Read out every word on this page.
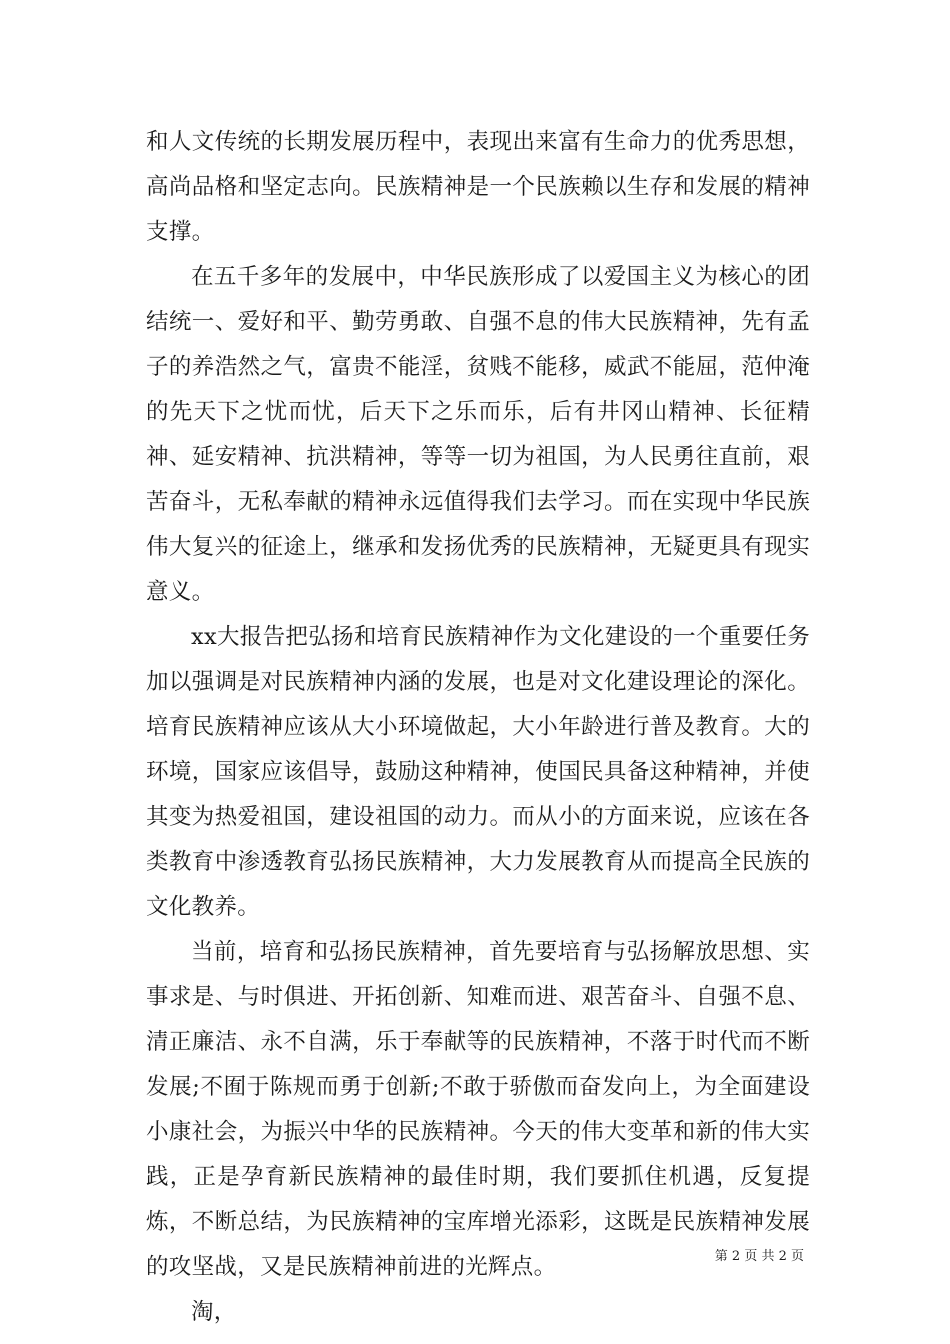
和人文传统的长期发展历程中，表现出来富有生命力的优秀思想，高尚品格和坚定志向。民族精神是一个民族赖以生存和发展的精神支撑。

在五千多年的发展中，中华民族形成了以爱国主义为核心的团结统一、爱好和平、勤劳勇敢、自强不息的伟大民族精神，先有孟子的养浩然之气，富贵不能淫，贫贱不能移，威武不能屈，范仲淹的先天下之忧而忧，后天下之乐而乐，后有井冈山精神、长征精神、延安精神、抗洪精神，等等一切为祖国，为人民勇往直前，艰苦奋斗，无私奉献的精神永远值得我们去学习。而在实现中华民族伟大复兴的征途上，继承和发扬优秀的民族精神，无疑更具有现实意义。

xx大报告把弘扬和培育民族精神作为文化建设的一个重要任务加以强调是对民族精神内涵的发展，也是对文化建设理论的深化。培育民族精神应该从大小环境做起，大小年龄进行普及教育。大的环境，国家应该倡导，鼓励这种精神，使国民具备这种精神，并使其变为热爱祖国，建设祖国的动力。而从小的方面来说，应该在各类教育中渗透教育弘扬民族精神，大力发展教育从而提高全民族的文化教养。

当前，培育和弘扬民族精神，首先要培育与弘扬解放思想、实事求是、与时俱进、开拓创新、知难而进、艰苦奋斗、自强不息、清正廉洁、永不自满，乐于奉献等的民族精神，不落于时代而不断发展;不囿于陈规而勇于创新;不敢于骄傲而奋发向上，为全面建设小康社会，为振兴中华的民族精神。今天的伟大变革和新的伟大实践，正是孕育新民族精神的最佳时期，我们要抓住机遇，反复提炼，不断总结，为民族精神的宝库增光添彩，这既是民族精神发展的攻坚战，又是民族精神前进的光辉点。

淘，

第 2 页 共 2 页
